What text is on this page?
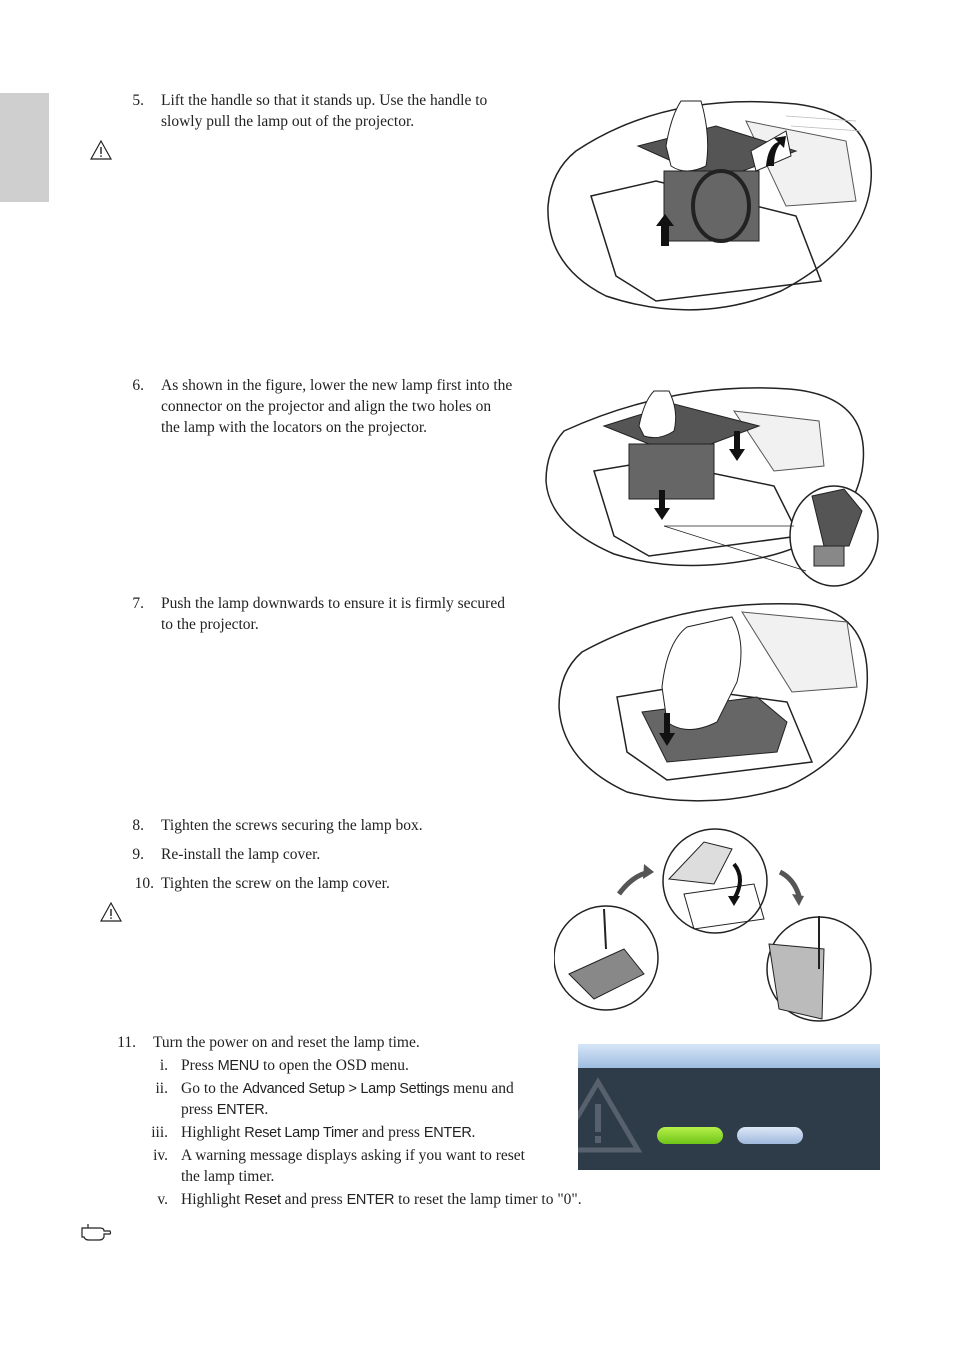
5. Lift the handle so that it stands up. Use the handle to
slowly pull the lamp out of the projector.
6. As shown in the figure, lower the new lamp first into the
connector on the projector and align the two holes on
the lamp with the locators on the projector.
7. Push the lamp downwards to ensure it is firmly secured
to the projector.
8. Tighten the screws securing the lamp box.
9. Re-install the lamp cover.
10. Tighten the screw on the lamp cover.
11. Turn the power on and reset the lamp time.
i. Press MENU to open the OSD menu.
ii. Go to the Advanced Setup > Lamp Settings menu and
press ENTER.
iii. Highlight Reset Lamp Timer and press ENTER.
iv. A warning message displays asking if you want to reset
the lamp timer.
v. Highlight Reset and press ENTER to reset the lamp timer to "0".
